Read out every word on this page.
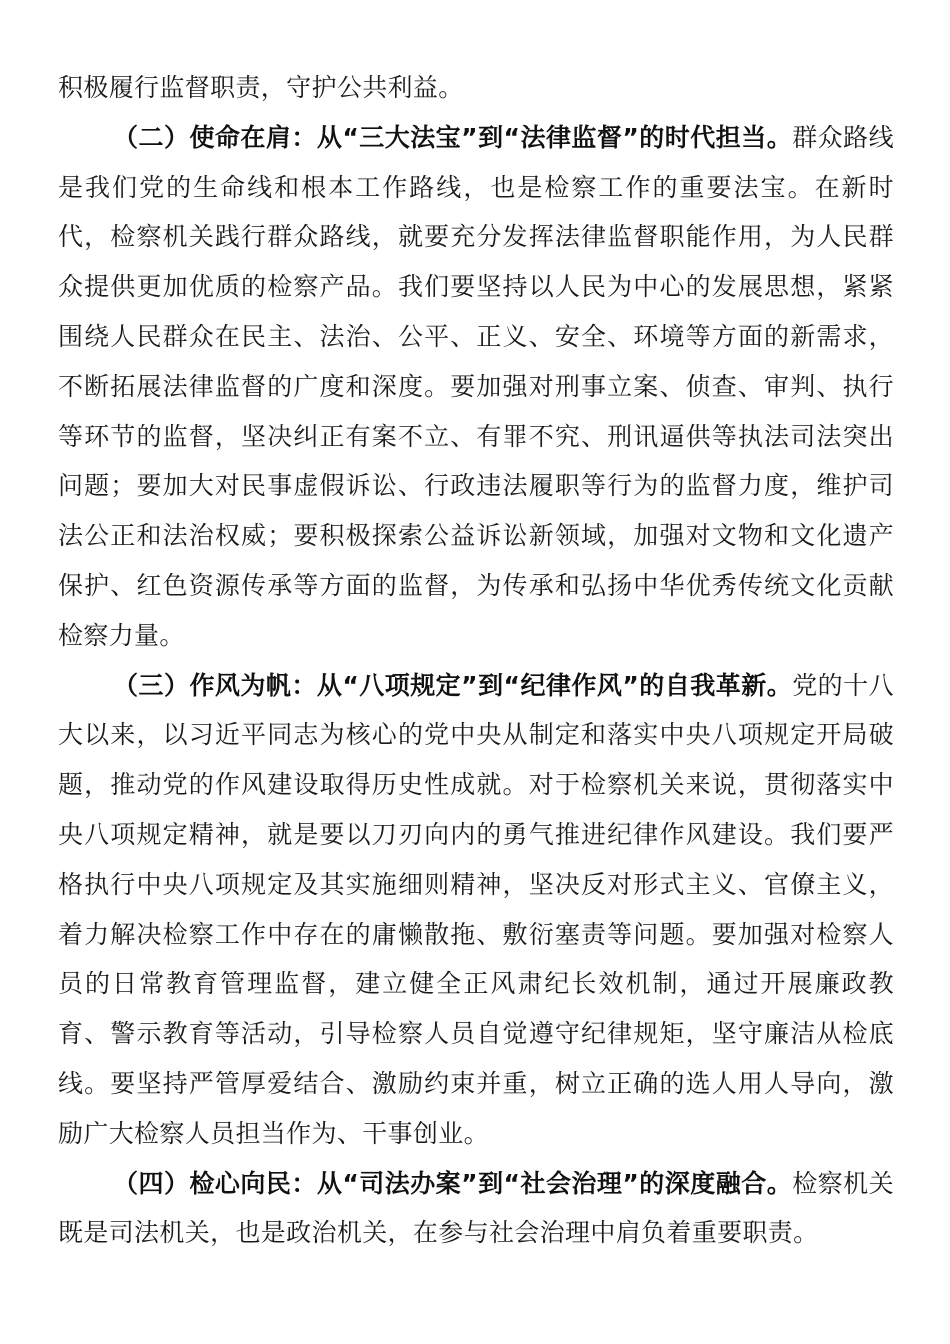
积极履行监督职责，守护公共利益。

（二）使命在肩：从“三大法宝”到“法律监督”的时代担当。群众路线是我们党的生命线和根本工作路线，也是检察工作的重要法宝。在新时代，检察机关践行群众路线，就要充分发挥法律监督职能作用，为人民群众提供更加优质的检察产品。我们要坚持以人民为中心的发展思想，紧紧围绕人民群众在民主、法治、公平、正义、安全、环境等方面的新需求，不断拓展法律监督的广度和深度。要加强对刑事立案、侦查、审判、执行等环节的监督，坚决纠正有案不立、有罪不究、刑讯逼供等执法司法突出问题；要加大对民事虚假诉讼、行政违法履职等行为的监督力度，维护司法公正和法治权威；要积极探索公益诉讼新领域，加强对文物和文化遗产保护、红色资源传承等方面的监督，为传承和弘扬中华优秀传统文化贡献检察力量。

（三）作风为帆：从“八项规定”到“纪律作风”的自我革新。党的十八大以来，以习近平同志为核心的党中央从制定和落实中央八项规定开局破题，推动党的作风建设取得历史性成就。对于检察机关来说，贯彻落实中央八项规定精神，就是要以刀刃向内的勇气推进纪律作风建设。我们要严格执行中央八项规定及其实施细则精神，坚决反对形式主义、官僚主义，着力解决检察工作中存在的庸懒散拖、敷衍塞责等问题。要加强对检察人员的日常教育管理监督，建立健全正风肃纪长效机制，通过开展廉政教育、警示教育等活动，引导检察人员自觉遵守纪律规矩，坚守廉洁从检底线。要坚持严管厚爱结合、激励约束并重，树立正确的选人用人导向，激励广大检察人员担当作为、干事创业。

（四）检心向民：从“司法办案”到“社会治理”的深度融合。检察机关既是司法机关，也是政治机关，在参与社会治理中肩负着重要职责。
